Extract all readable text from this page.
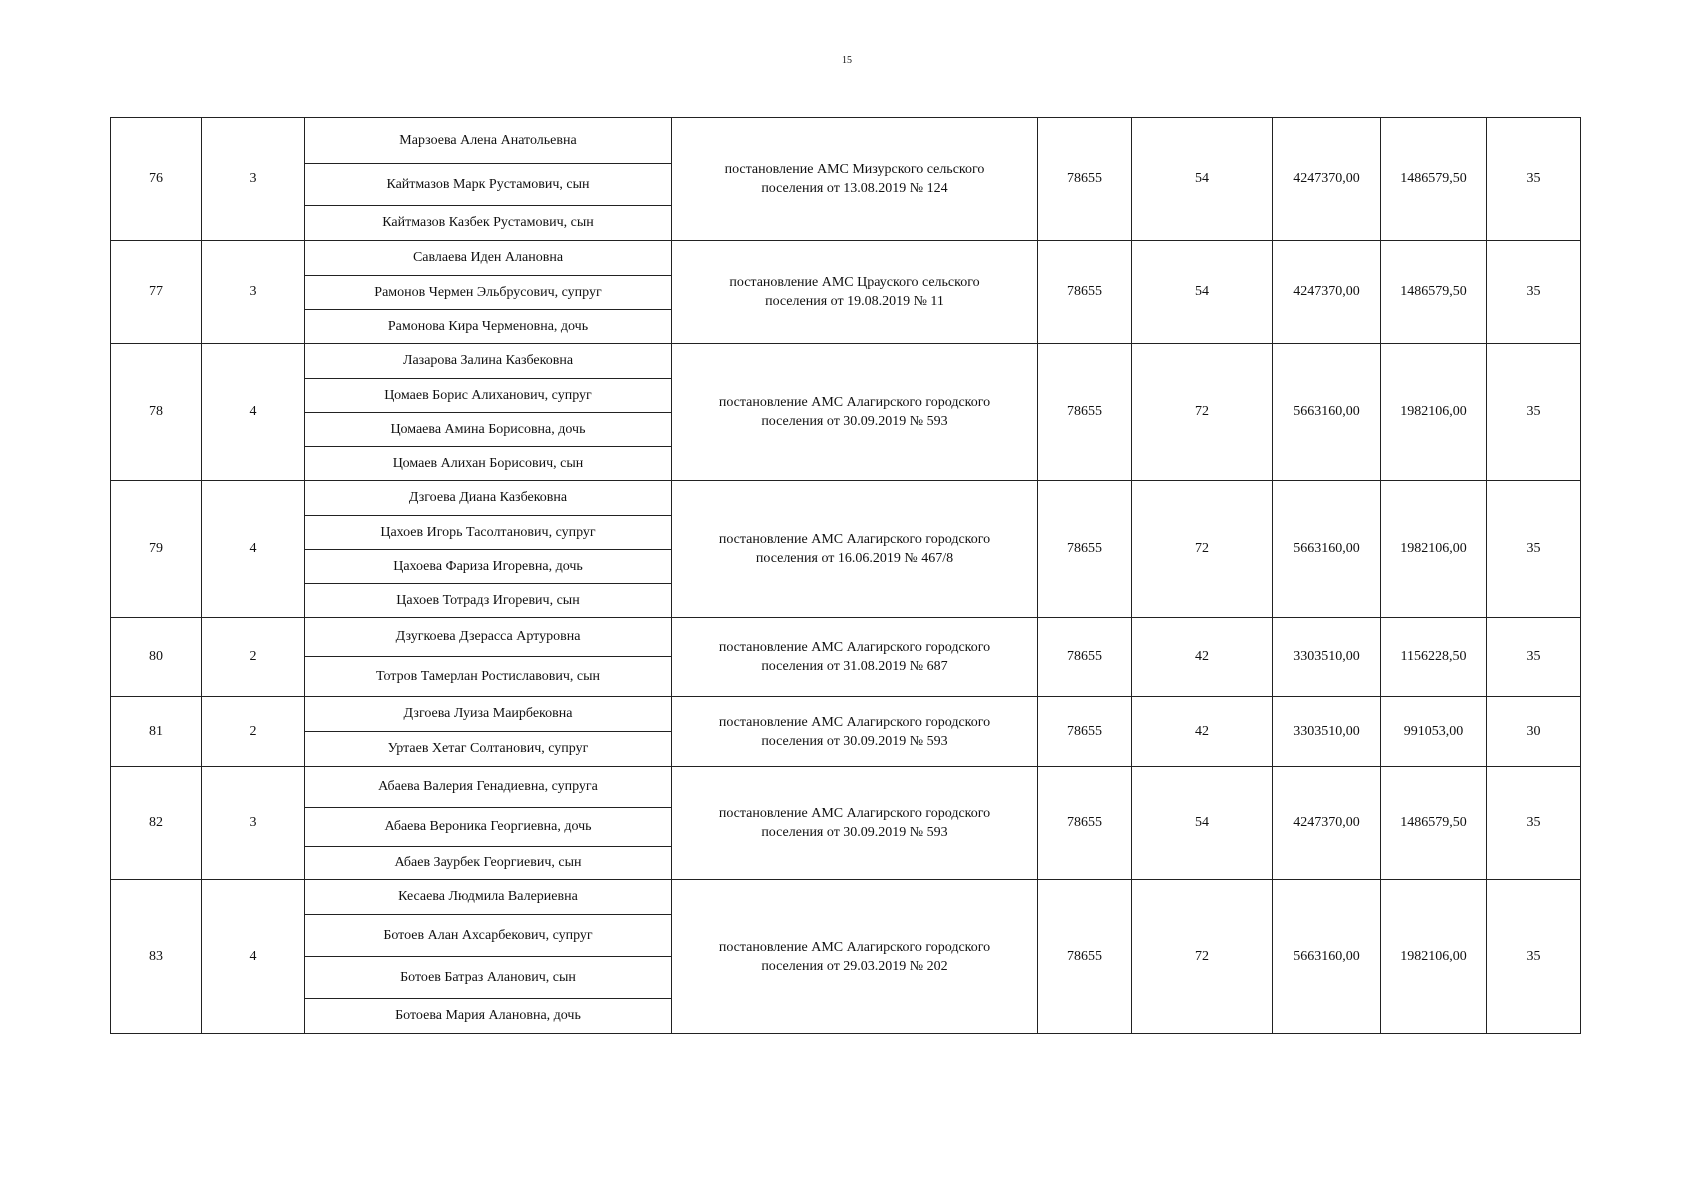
15
76	3	Марзоева Алена Анатольевна	постановление АМС Мизурского сельского
поселения от 13.08.2019 № 124	78655	54	4247370,00	1486579,50	35
		Кайтмазов Марк Рустамович, сын						
		Кайтмазов Казбек Рустамович, сын						
77	3	Савлаева Иден Алановна	постановление АМС Црауского сельского
поселения от 19.08.2019 № 11	78655	54	4247370,00	1486579,50	35
		Рамонов Чермен Эльбрусович, супруг						
		Рамонова Кира Черменовна, дочь						
78	4	Лазарова Залина Казбековна	постановление АМС Алагирского городского
поселения от 30.09.2019 № 593	78655	72	5663160,00	1982106,00	35
		Цомаев Борис Алиханович, супруг						
		Цомаева Амина Борисовна, дочь						
		Цомаев Алихан Борисович, сын						
79	4	Дзгоева Диана Казбековна	постановление АМС Алагирского городского
поселения от 16.06.2019 № 467/8	78655	72	5663160,00	1982106,00	35
		Цахоев Игорь Тасолтанович, супруг						
		Цахоева Фариза Игоревна, дочь						
		Цахоев Тотрадз Игоревич, сын						
80	2	Дзугкоева Дзерасса Артуровна	постановление АМС Алагирского городского
поселения от 31.08.2019 № 687	78655	42	3303510,00	1156228,50	35
		Тотров Тамерлан Ростиславович, сын						
81	2	Дзгоева Луиза Маирбековна	постановление АМС Алагирского городского
поселения от 30.09.2019 № 593	78655	42	3303510,00	991053,00	30
		Уртаев Хетаг Солтанович, супруг						
82	3	Абаева Валерия Генадиевна, супруга	постановление АМС Алагирского городского
поселения от 30.09.2019 № 593	78655	54	4247370,00	1486579,50	35
		Абаева Вероника Георгиевна, дочь						
		Абаев Заурбек Георгиевич, сын						
83	4	Кесаева Людмила Валериевна	постановление АМС Алагирского городского
поселения от 29.03.2019 № 202	78655	72	5663160,00	1982106,00	35
		Ботоев Алан Ахсарбекович, супруг						
		Ботоев Батраз Аланович, сын						
		Ботоева Мария Алановна, дочь						
